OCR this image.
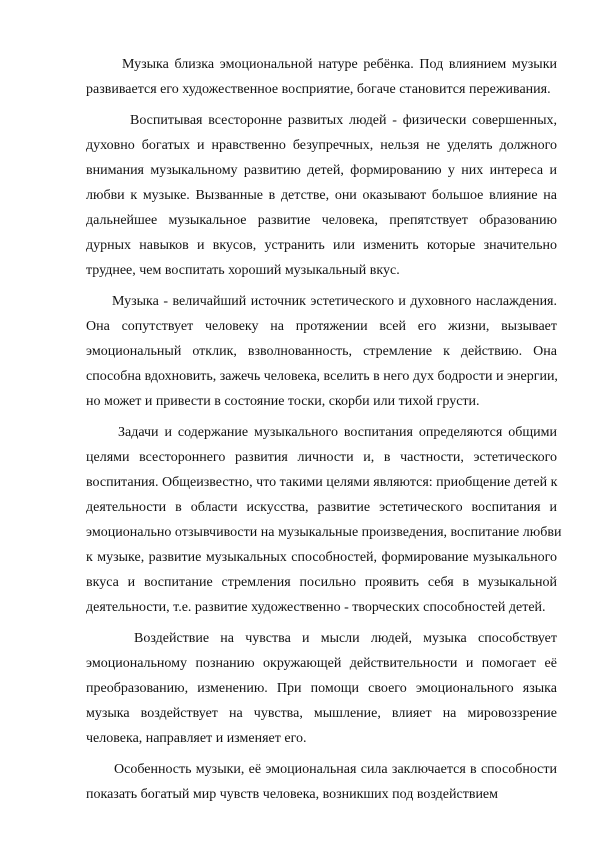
Музыка близка эмоциональной натуре ребёнка. Под влиянием музыки
развивается его художественное восприятие, богаче становится переживания.
Воспитывая всесторонне развитых людей - физически совершенных,
духовно богатых и нравственно безупречных, нельзя не уделять должного
внимания музыкальному развитию детей, формированию у них интереса и
любви к музыке. Вызванные в детстве, они оказывают большое влияние на
дальнейшее музыкальное развитие человека, препятствует образованию
дурных навыков и вкусов, устранить или изменить которые значительно
труднее, чем воспитать хороший музыкальный вкус.
Музыка - величайший источник эстетического и духовного наслаждения.
Она сопутствует человеку на протяжении всей его жизни, вызывает
эмоциональный отклик, взволнованность, стремление к действию. Она
способна вдохновить, зажечь человека, вселить в него дух бодрости и энергии,
но может и привести в состояние тоски, скорби или тихой грусти.
Задачи и содержание музыкального воспитания определяются общими
целями всестороннего развития личности и, в частности, эстетического
воспитания. Общеизвестно, что такими целями являются: приобщение детей к
деятельности в области искусства, развитие эстетического воспитания и
эмоционально отзывчивости на музыкальные произведения, воспитание любви
к музыке, развитие музыкальных способностей, формирование музыкального
вкуса и воспитание стремления посильно проявить себя в музыкальной
деятельности, т.е. развитие художественно - творческих способностей детей.
Воздействие на чувства и мысли людей, музыка способствует
эмоциональному познанию окружающей действительности и помогает её
преобразованию, изменению. При помощи своего эмоционального языка
музыка воздействует на чувства, мышление, влияет на мировоззрение
человека, направляет и изменяет его.
Особенность музыки, её эмоциональная сила заключается в способности
показать богатый мир чувств человека, возникших под воздействием
